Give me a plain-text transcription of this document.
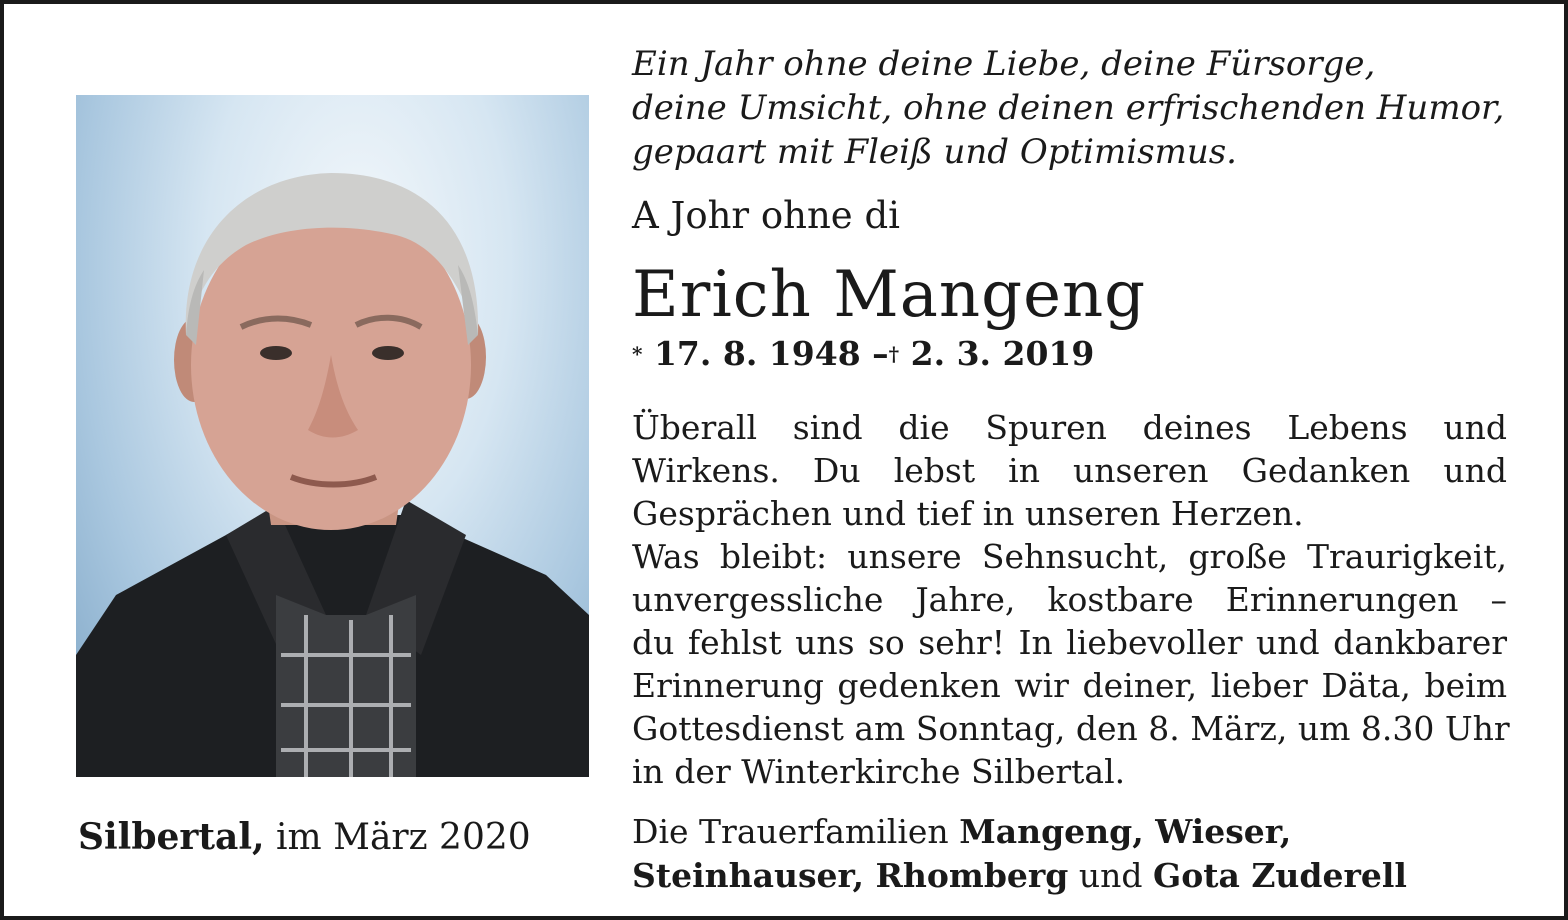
Silbertal, im März 2020
Ein Jahr ohne deine Liebe, deine Fürsorge,
deine Umsicht, ohne deinen erfrischenden Humor,
gepaart mit Fleiß und Optimismus.
A Johr ohne di
Erich Mangeng
* 17. 8. 1948 –† 2. 3. 2019
Überall sind die Spuren deines Lebens und
Wirkens. Du lebst in unseren Gedanken und
Gesprächen und tief in unseren Herzen.
Was bleibt: unsere Sehnsucht, große Traurigkeit,
unvergessliche Jahre, kostbare Erinnerungen –
du fehlst uns so sehr! In liebevoller und dankbarer
Erinnerung gedenken wir deiner, lieber Däta, beim
Gottesdienst am Sonntag, den 8. März, um 8.30 Uhr
in der Winterkirche Silbertal.
Die Trauerfamilien Mangeng, Wieser,
Steinhauser, Rhomberg und Gota Zuderell
